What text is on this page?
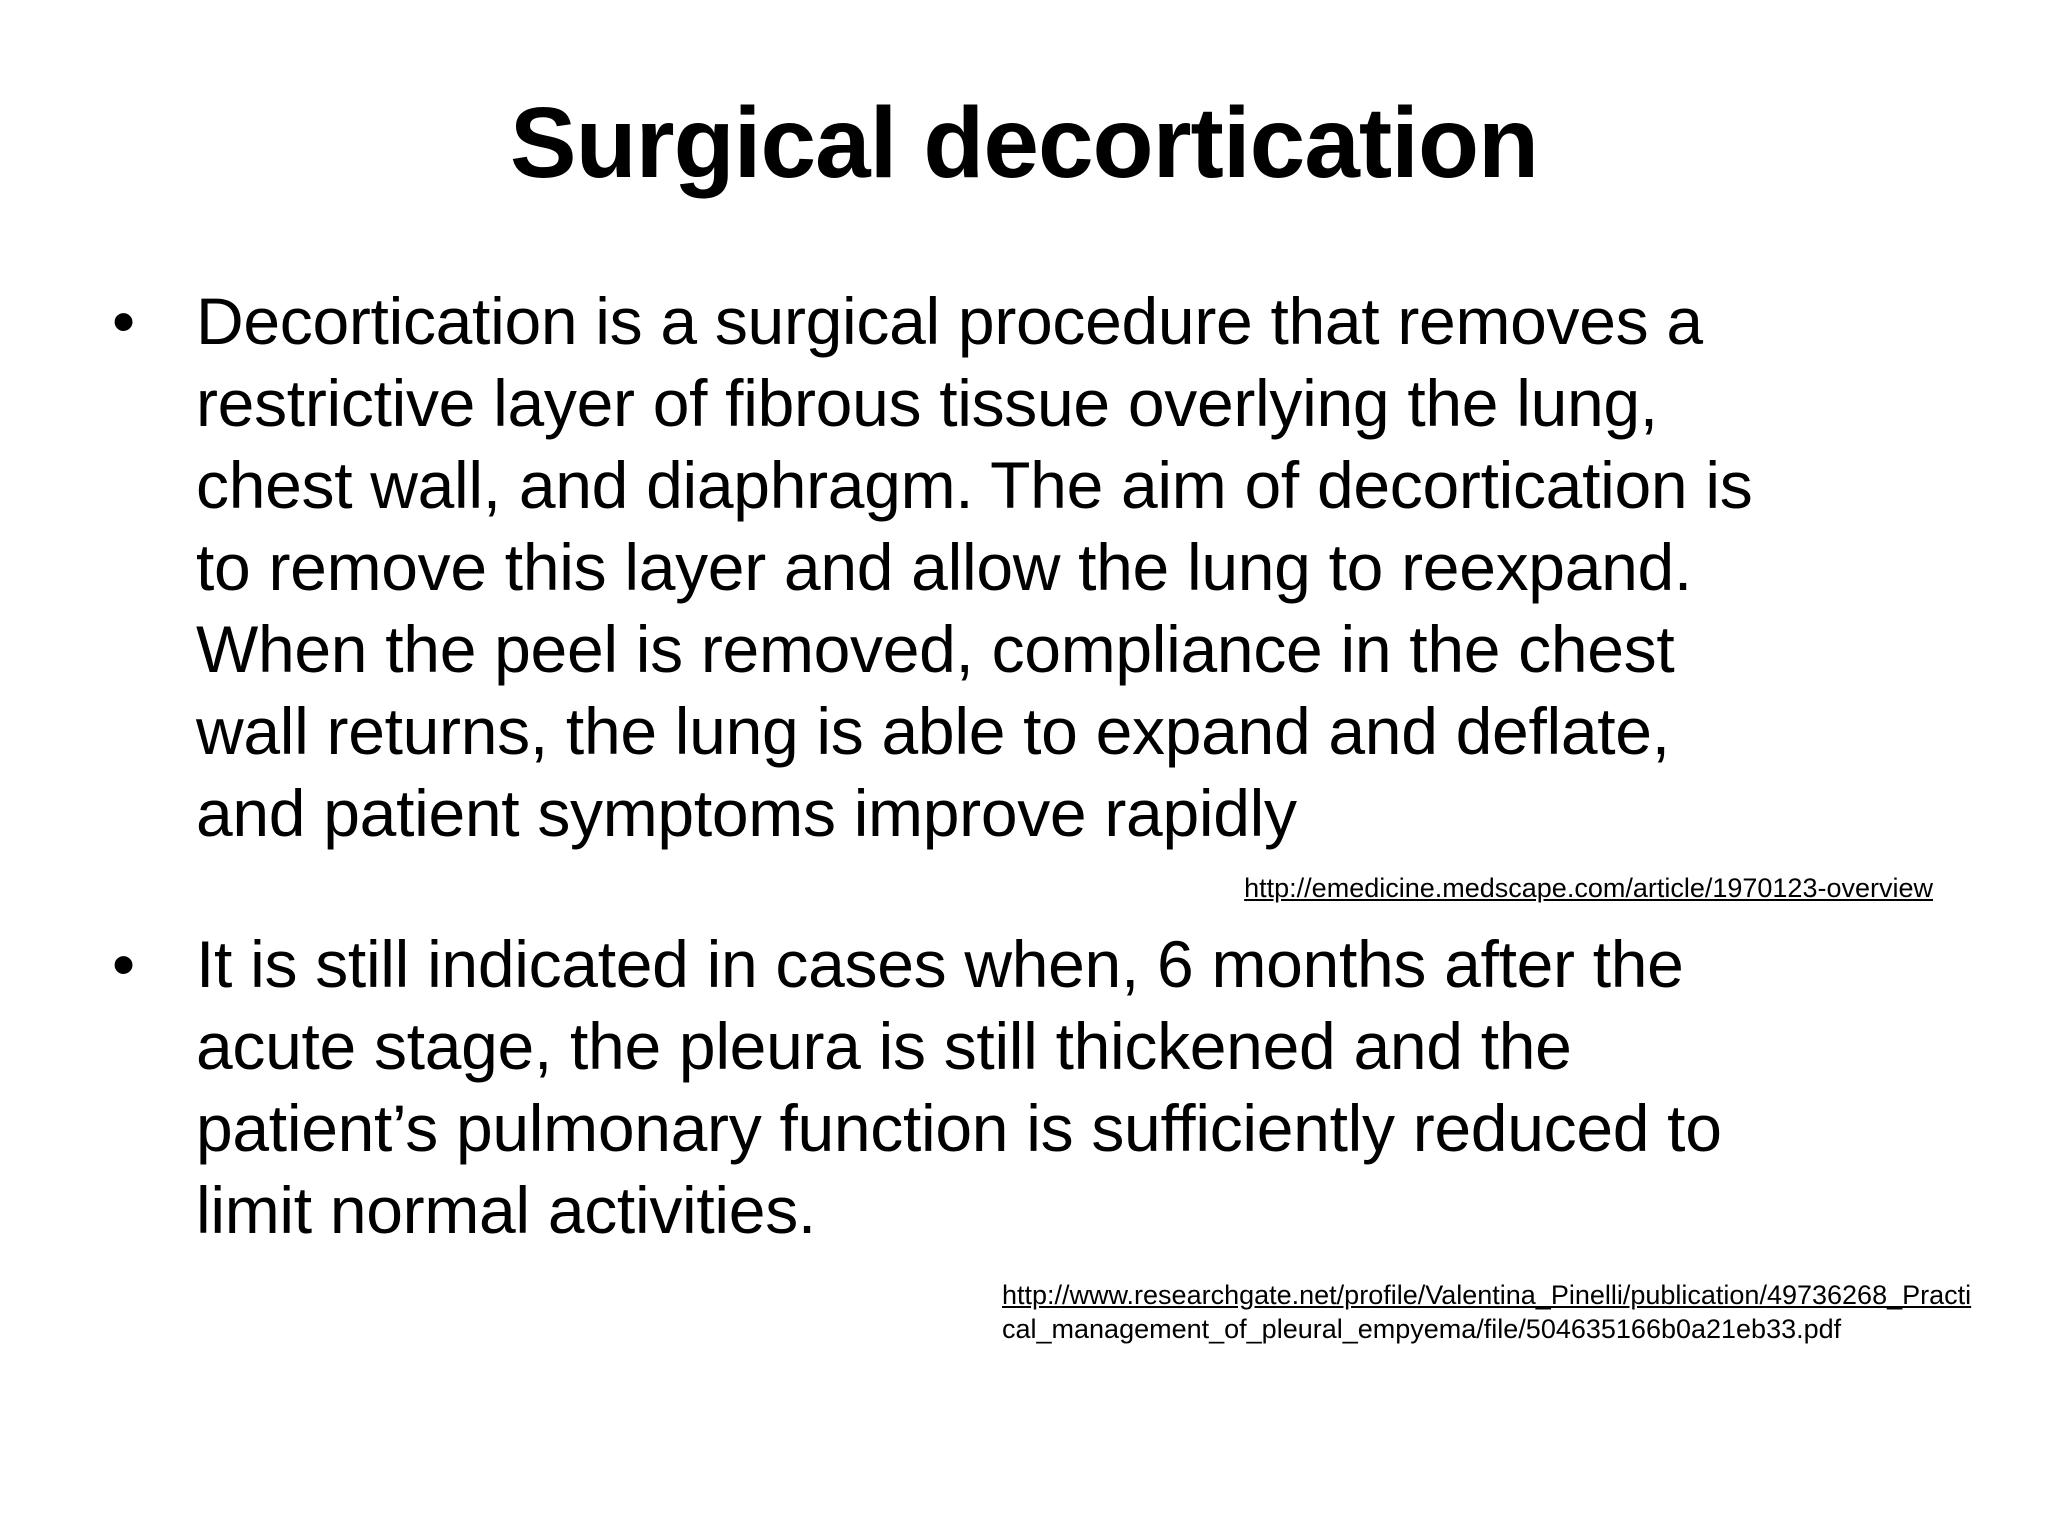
Surgical decortication
• Decortication is a surgical procedure that removes a
restrictive layer of fibrous tissue overlying the lung,
chest wall, and diaphragm. The aim of decortication is
to remove this layer and allow the lung to reexpand.
When the peel is removed, compliance in the chest
wall returns, the lung is able to expand and deflate,
and patient symptoms improve rapidly
http://emedicine.medscape.com/article/1970123-overview
• It is still indicated in cases when, 6 months after the
acute stage, the pleura is still thickened and the
patient’s pulmonary function is sufficiently reduced to
limit normal activities.
http://www.researchgate.net/profile/Valentina_Pinelli/publication/49736268_Practi
cal_management_of_pleural_empyema/file/504635166b0a21eb33.pdf
